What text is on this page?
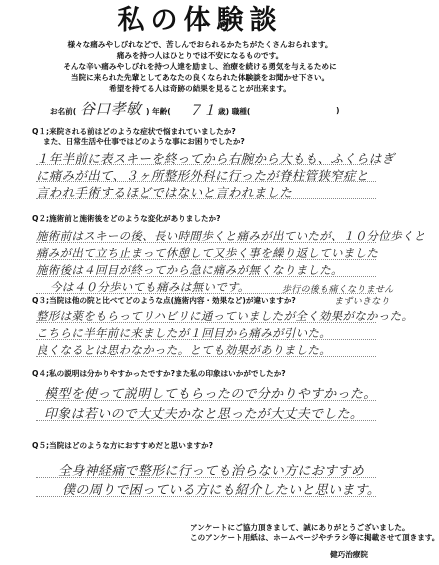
私の体験談
様々な痛みやしびれなどで、苦しんでおられるかたちがたくさんおられます。
痛みを持つ人はひとりでは不安になるものです。
そんな辛い痛みやしびれを持つ人達を励まし、治療を続ける勇気を与えるために
当院に来られた先輩としてあなたの良くなられた体験談をお聞かせ下さい。
希望を持てる人は奇跡の結果を見ることが出来ます。
お名前( 谷口孝敏 ) 年齢( ７１ 歳) 職種(	)
Q１;来院される前はどのような症状で悩まれていましたか?
また、日常生活や仕事ではどのような事にお困りでしたか?
１年半前に表スキーを終ってから右腕から大もも、ふくらはぎ
に痛みが出て、３ヶ所整形外科に行ったが脊柱管狭窄症と
言われ手術するほどではないと言われました
Q２;施術前と施術後をどのような変化がありましたか?
施術前はスキーの後、長い時間歩くと痛みが出ていたが、１０分位歩くと
痛みが出て立ち止まって休憩して又歩く事を繰り返していました
施術後は４回目が終ってから急に痛みが無くなりました。
今は４０分歩いても痛みは無いです。	歩行の後も痛くなりません
Q３;当院は他の院と比べてどのような点(施術内容・効果など)が違いますか?	まずいきなり
整形は薬をもらってリハビリに通っていましたが全く効果がなかった。
こちらに半年前に来ましたが１回目から痛みが引いた。
良くなるとは思わなかった。とても効果がありました。
Q４;私の説明は分かりやすかったですか?また私の印象はいかがでしたか?
模型を使って説明してもらったので分かりやすかった。
印象は若いので大丈夫かなと思ったが大丈夫でした。
Q５;当院はどのような方におすすめだと思いますか?
全身神経痛で整形に行っても治らない方におすすめ
僕の周りで困っている方にも紹介したいと思います。
アンケートにご協力頂きまして、誠にありがとうございました。
このアンケート用紙は、ホームページやチラシ等に掲載させて頂きます。
健巧治療院
